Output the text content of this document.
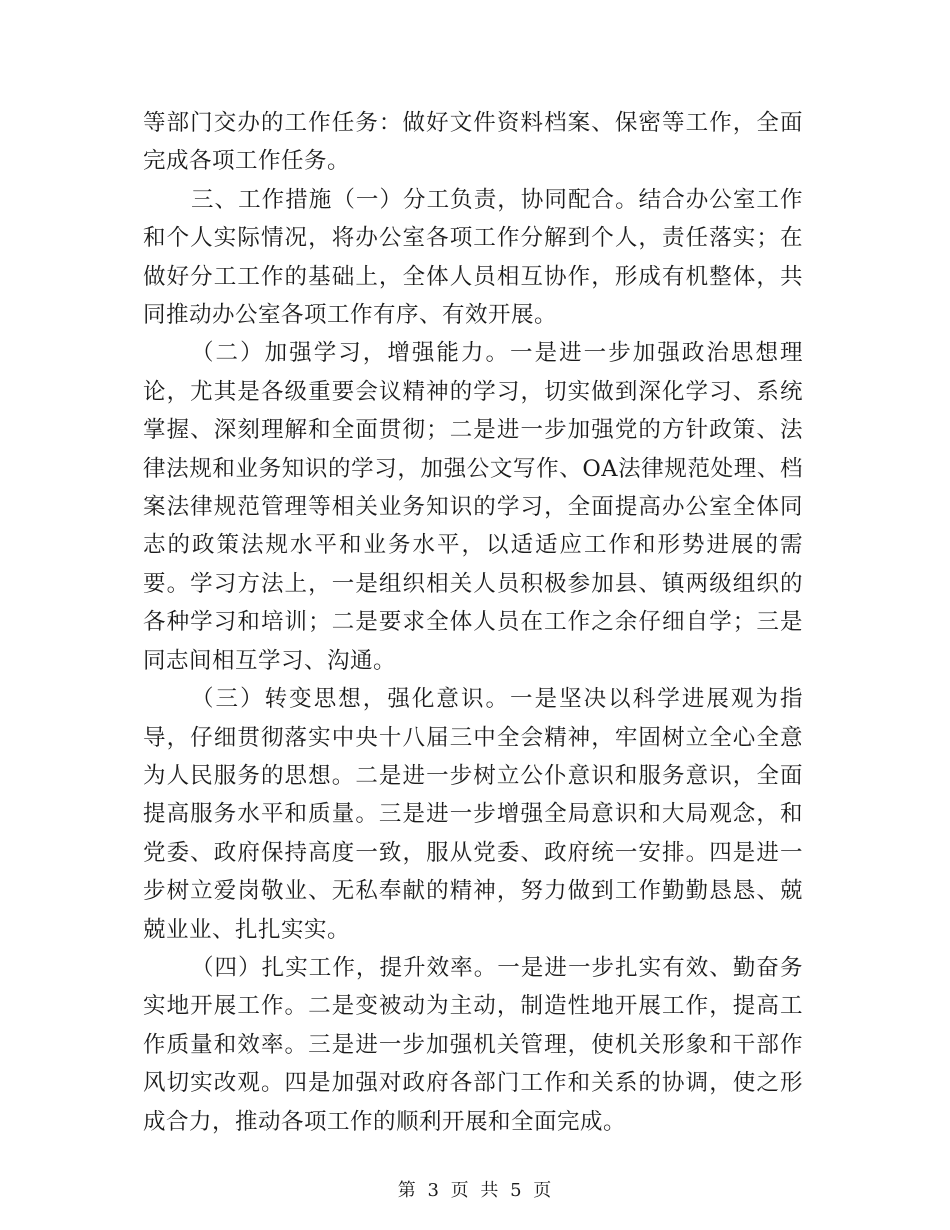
等部门交办的工作任务：做好文件资料档案、保密等工作，全面完成各项工作任务。

三、工作措施（一）分工负责，协同配合。结合办公室工作和个人实际情况，将办公室各项工作分解到个人，责任落实；在做好分工工作的基础上，全体人员相互协作，形成有机整体，共同推动办公室各项工作有序、有效开展。

（二）加强学习，增强能力。一是进一步加强政治思想理论，尤其是各级重要会议精神的学习，切实做到深化学习、系统掌握、深刻理解和全面贯彻；二是进一步加强党的方针政策、法律法规和业务知识的学习，加强公文写作、OA法律规范处理、档案法律规范管理等相关业务知识的学习，全面提高办公室全体同志的政策法规水平和业务水平，以适适应工作和形势进展的需要。学习方法上，一是组织相关人员积极参加县、镇两级组织的各种学习和培训；二是要求全体人员在工作之余仔细自学；三是同志间相互学习、沟通。

（三）转变思想，强化意识。一是坚决以科学进展观为指导，仔细贯彻落实中央十八届三中全会精神，牢固树立全心全意为人民服务的思想。二是进一步树立公仆意识和服务意识，全面提高服务水平和质量。三是进一步增强全局意识和大局观念，和党委、政府保持高度一致，服从党委、政府统一安排。四是进一步树立爱岗敬业、无私奉献的精神，努力做到工作勤勤恳恳、兢兢业业、扎扎实实。

（四）扎实工作，提升效率。一是进一步扎实有效、勤奋务实地开展工作。二是变被动为主动，制造性地开展工作，提高工作质量和效率。三是进一步加强机关管理，使机关形象和干部作风切实改观。四是加强对政府各部门工作和关系的协调，使之形成合力，推动各项工作的顺利开展和全面完成。

第 3 页 共 5 页
